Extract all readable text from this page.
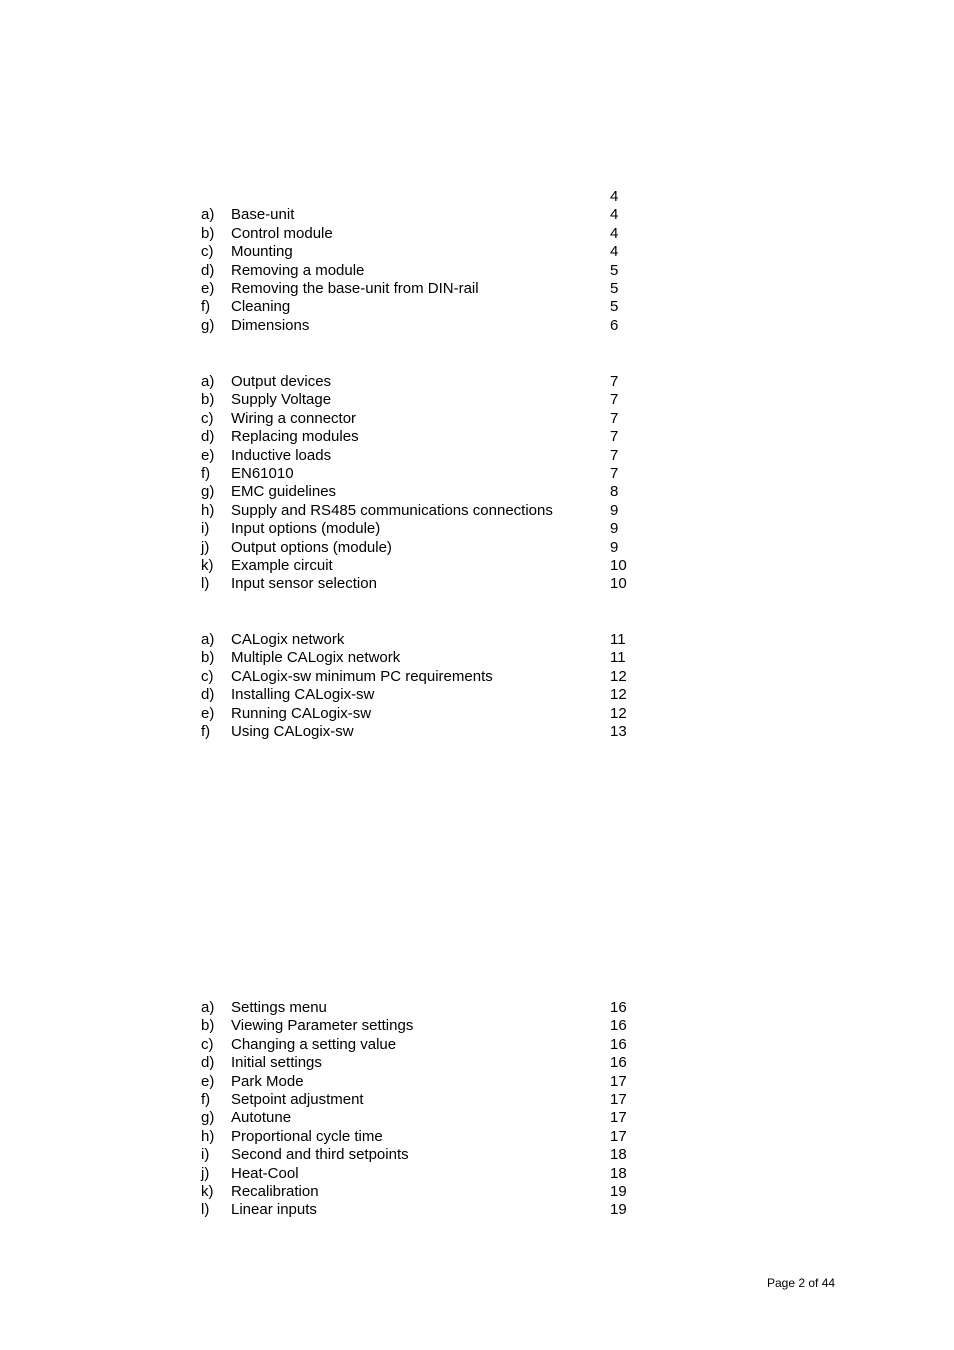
4
a) Base-unit	4
b) Control module	4
c) Mounting	4
d) Removing a module	5
e) Removing the base-unit from DIN-rail	5
f) Cleaning	5
g) Dimensions	6
a) Output devices	7
b) Supply Voltage	7
c) Wiring a connector	7
d) Replacing modules	7
e) Inductive loads	7
f) EN61010	7
g) EMC guidelines	8
h) Supply and RS485 communications connections	9
i) Input options (module)	9
j) Output options (module)	9
k) Example circuit	10
l) Input sensor selection	10
a) CALogix network	11
b) Multiple CALogix network	11
c) CALogix-sw minimum PC requirements	12
d) Installing CALogix-sw	12
e) Running CALogix-sw	12
f) Using CALogix-sw	13
a) Settings menu	16
b) Viewing Parameter settings	16
c) Changing a setting value	16
d) Initial settings	16
e) Park Mode	17
f) Setpoint adjustment	17
g) Autotune	17
h) Proportional cycle time	17
i) Second and third setpoints	18
j) Heat-Cool	18
k) Recalibration	19
l) Linear inputs	19
Page 2 of 44
